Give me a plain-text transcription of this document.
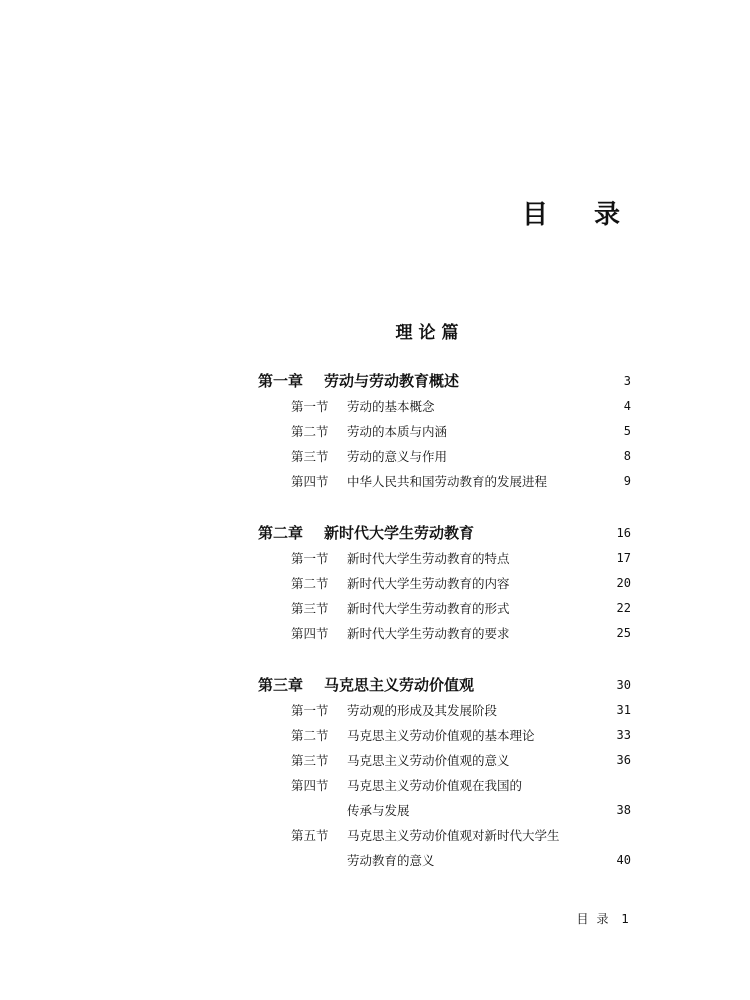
目　录
理论篇
第一章 劳动与劳动教育概述	3
第一节 劳动的基本概念	4
第二节 劳动的本质与内涵	5
第三节 劳动的意义与作用	8
第四节 中华人民共和国劳动教育的发展进程	9
第二章 新时代大学生劳动教育	16
第一节 新时代大学生劳动教育的特点	17
第二节 新时代大学生劳动教育的内容	20
第三节 新时代大学生劳动教育的形式	22
第四节 新时代大学生劳动教育的要求	25
第三章 马克思主义劳动价值观	30
第一节 劳动观的形成及其发展阶段	31
第二节 马克思主义劳动价值观的基本理论	33
第三节 马克思主义劳动价值观的意义	36
第四节 马克思主义劳动价值观在我国的
传承与发展	38
第五节 马克思主义劳动价值观对新时代大学生
劳动教育的意义	40
目录 1
